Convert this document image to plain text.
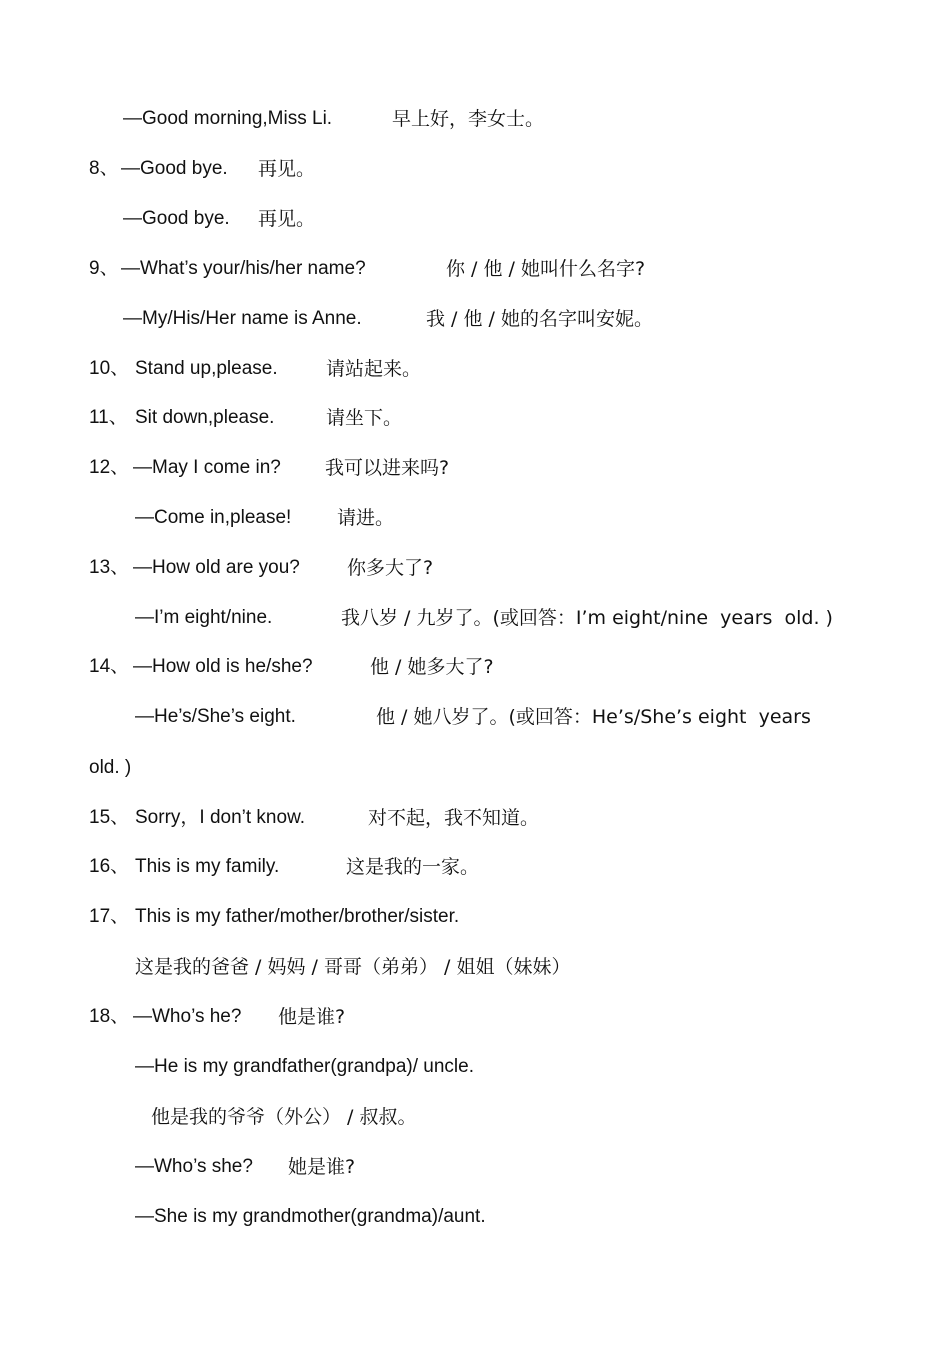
—Good morning,Miss Li.	早上好，李女士。
8、 —Good bye. 再见。
—Good bye. 再见。
9、 —What’s your/his/her name?	你 / 他 / 她叫什么名字?
—My/His/Her name is Anne.	我 / 他 / 她的名字叫安妮。
10、 Stand up,please.	请站起来。
11、 Sit down,please.	请坐下。
12、 —May I come in? 我可以进来吗?
—Come in,please! 请进。
13、 —How old are you? 你多大了?
—I’m eight/nine.	我八岁 / 九岁了。(或回答：I’m eight/nine  years  old. )
14、 —How old is he/she?	他 / 她多大了?
—He’s/She’s eight.	他 / 她八岁了。(或回答：He’s/She’s eight  years
old. )
15、 Sorry，I don’t know.	对不起，我不知道。
16、 This is my family.	这是我的一家。
17、 This is my father/mother/brother/sister.
这是我的爸爸 / 妈妈 / 哥哥（弟弟） / 姐姐（妹妹）
18、 —Who’s he? 他是谁?
—He is my grandfather(grandpa)/ uncle.
他是我的爷爷（外公） / 叔叔。
—Who’s she? 她是谁?
—She is my grandmother(grandma)/aunt.
